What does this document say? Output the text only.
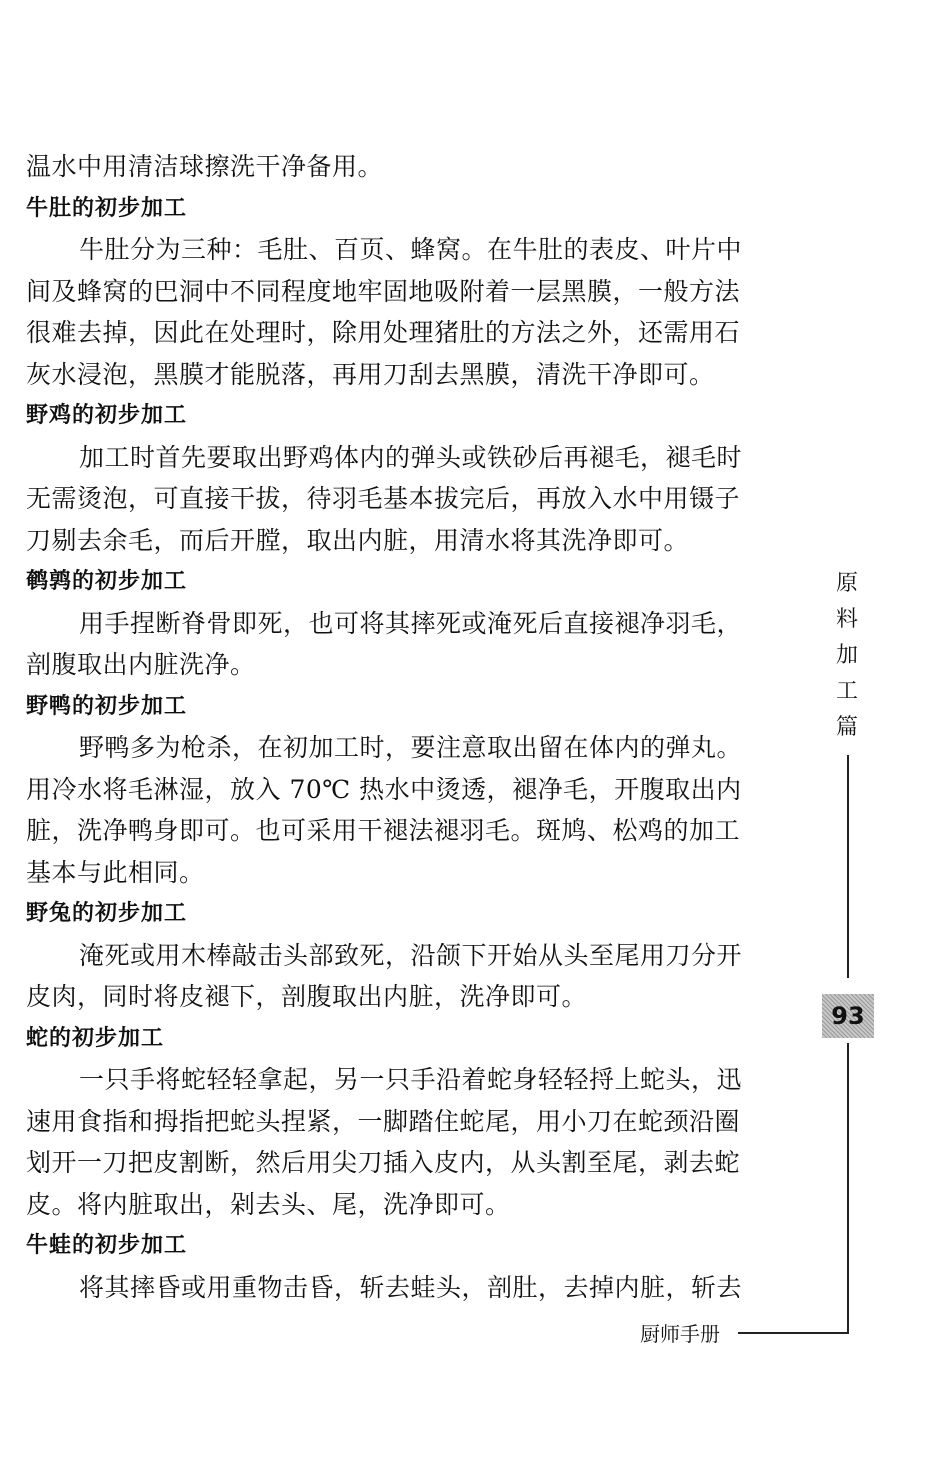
温水中用清洁球擦洗干净备用。
牛肚的初步加工
牛肚分为三种：毛肚、百页、蜂窝。在牛肚的表皮、叶片中
间及蜂窝的巴洞中不同程度地牢固地吸附着一层黑膜，一般方法
很难去掉，因此在处理时，除用处理猪肚的方法之外，还需用石
灰水浸泡，黑膜才能脱落，再用刀刮去黑膜，清洗干净即可。
野鸡的初步加工
加工时首先要取出野鸡体内的弹头或铁砂后再褪毛，褪毛时
无需烫泡，可直接干拔，待羽毛基本拔完后，再放入水中用镊子
刀剔去余毛，而后开膛，取出内脏，用清水将其洗净即可。
鹌鹑的初步加工
用手捏断脊骨即死，也可将其摔死或淹死后直接褪净羽毛，
剖腹取出内脏洗净。
野鸭的初步加工
野鸭多为枪杀，在初加工时，要注意取出留在体内的弹丸。
用冷水将毛淋湿，放入 70℃ 热水中烫透，褪净毛，开腹取出内
脏，洗净鸭身即可。也可采用干褪法褪羽毛。斑鸠、松鸡的加工
基本与此相同。
野兔的初步加工
淹死或用木棒敲击头部致死，沿颌下开始从头至尾用刀分开
皮肉，同时将皮褪下，剖腹取出内脏，洗净即可。
蛇的初步加工
一只手将蛇轻轻拿起，另一只手沿着蛇身轻轻捋上蛇头，迅
速用食指和拇指把蛇头捏紧，一脚踏住蛇尾，用小刀在蛇颈沿圈
划开一刀把皮割断，然后用尖刀插入皮内，从头割至尾，剥去蛇
皮。将内脏取出，剁去头、尾，洗净即可。
牛蛙的初步加工
将其摔昏或用重物击昏，斩去蛙头，剖肚，去掉内脏，斩去
原
料
加
工
篇
93
厨师手册
